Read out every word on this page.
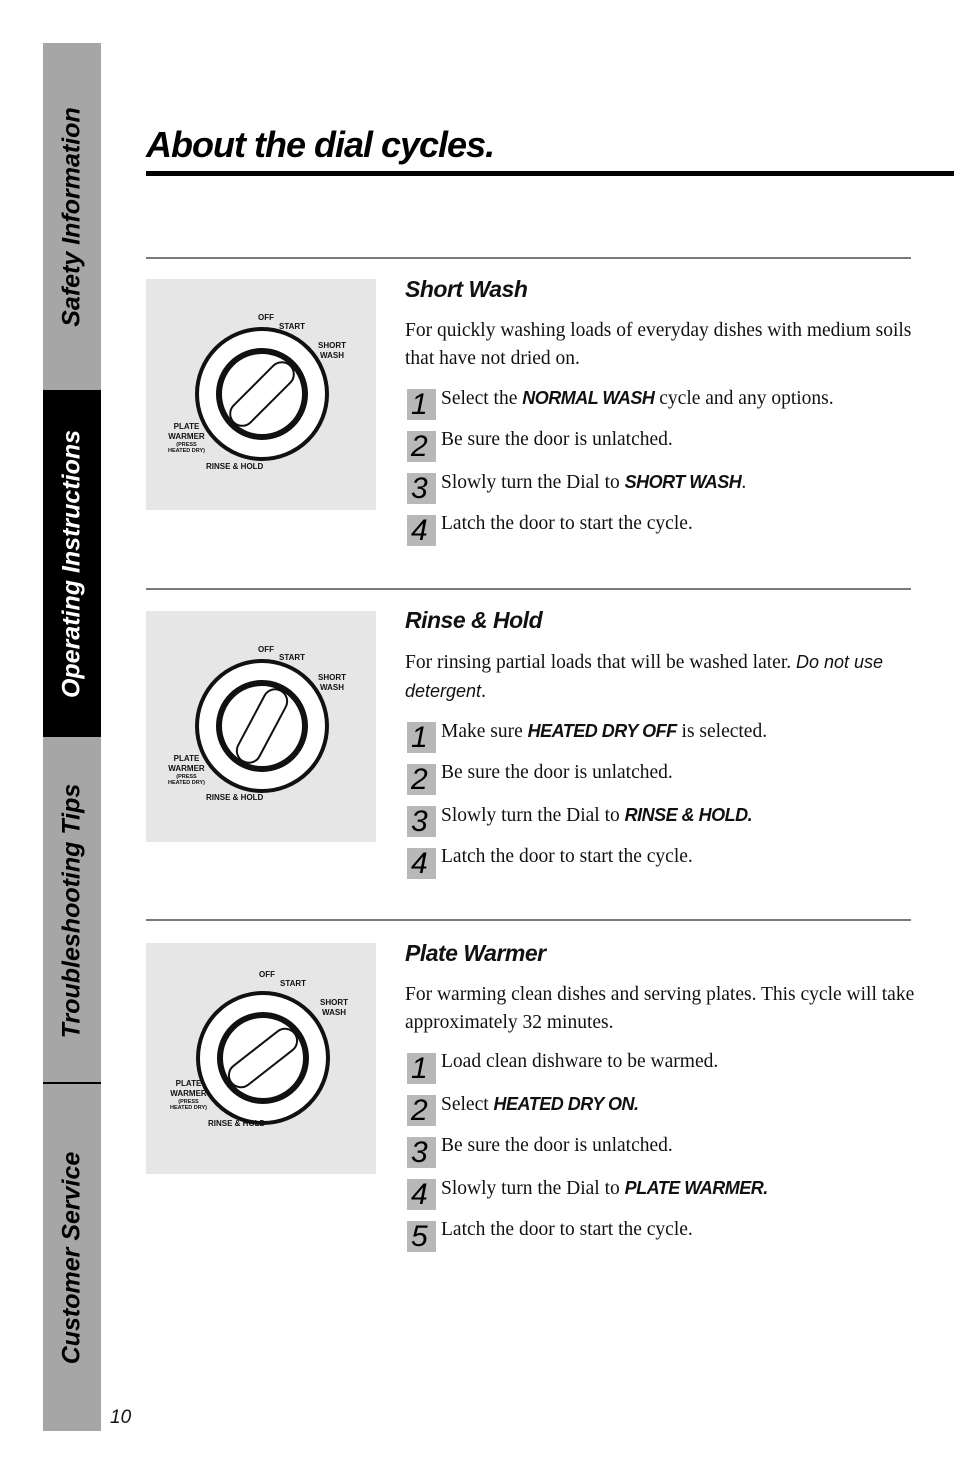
Safety Information
Operating Instructions
Troubleshooting Tips
Customer Service
About the dial cycles.
OFF
START
SHORT
WASH
PLATE
WARMER
(PRESS
HEATED DRY)
RINSE & HOLD
OFF
START
SHORT
WASH
PLATE
WARMER
(PRESS
HEATED DRY)
RINSE & HOLD
OFF
START
SHORT
WASH
PLATE
WARMER
(PRESS
HEATED DRY)
RINSE & HOLD
Short Wash

For quickly washing loads of everyday dishes with medium soils that have not dried on.

1 Select the NORMAL WASH cycle and any options.
2 Be sure the door is unlatched.
3 Slowly turn the Dial to SHORT WASH.
4 Latch the door to start the cycle.
Rinse & Hold

For rinsing partial loads that will be washed later. Do not use detergent.

1 Make sure HEATED DRY OFF is selected.
2 Be sure the door is unlatched.
3 Slowly turn the Dial to RINSE & HOLD.
4 Latch the door to start the cycle.
Plate Warmer

For warming clean dishes and serving plates. This cycle will take approximately 32 minutes.

1 Load clean dishware to be warmed.
2 Select HEATED DRY ON.
3 Be sure the door is unlatched.
4 Slowly turn the Dial to PLATE WARMER.
5 Latch the door to start the cycle.
10
